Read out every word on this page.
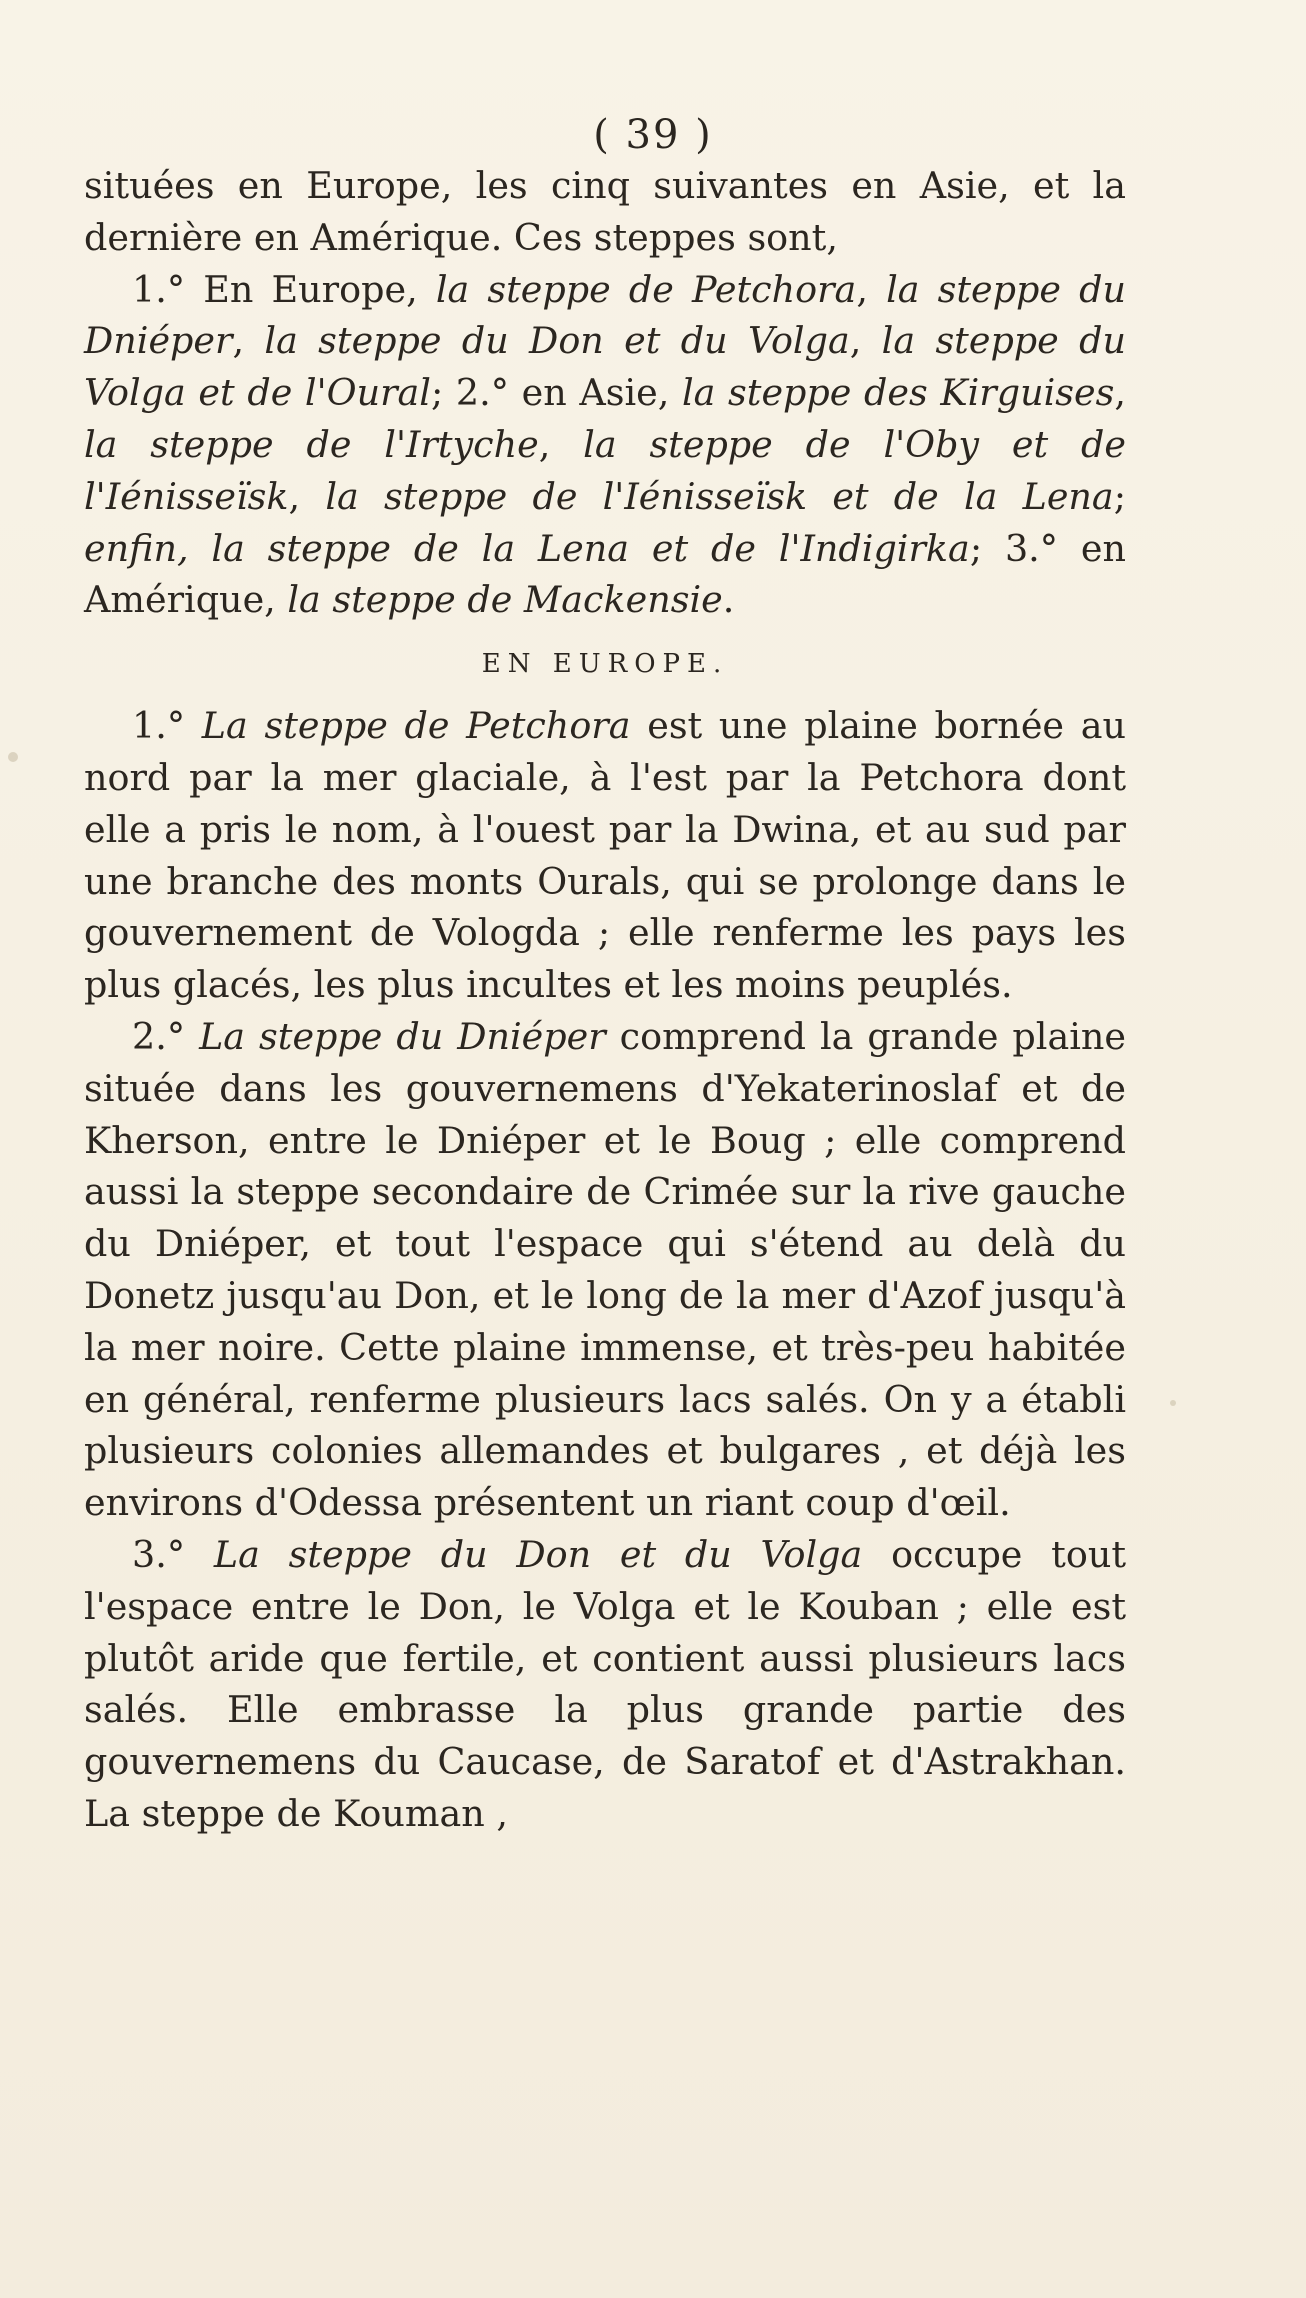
( 39 )

situées en Europe, les cinq suivantes en Asie, et la dernière en Amérique. Ces steppes sont,

1.° En Europe, la steppe de Petchora, la steppe du Dniéper, la steppe du Don et du Volga, la steppe du Volga et de l'Oural; 2.° en Asie, la steppe des Kirguises, la steppe de l'Irtyche, la steppe de l'Oby et de l'Iénisseïsk, la steppe de l'Iénisseïsk et de la Lena; enfin, la steppe de la Lena et de l'Indigirka; 3.° en Amérique, la steppe de Mackensie.

EN EUROPE.

1.° La steppe de Petchora est une plaine bornée au nord par la mer glaciale, à l'est par la Petchora dont elle a pris le nom, à l'ouest par la Dwina, et au sud par une branche des monts Ourals, qui se prolonge dans le gouvernement de Vologda ; elle renferme les pays les plus glacés, les plus incultes et les moins peuplés.

2.° La steppe du Dniéper comprend la grande plaine située dans les gouvernemens d'Yekaterinoslaf et de Kherson, entre le Dniéper et le Boug ; elle comprend aussi la steppe secondaire de Crimée sur la rive gauche du Dniéper, et tout l'espace qui s'étend au delà du Donetz jusqu'au Don, et le long de la mer d'Azof jusqu'à la mer noire. Cette plaine immense, et très-peu habitée en général, renferme plusieurs lacs salés. On y a établi plusieurs colonies allemandes et bulgares , et déjà les environs d'Odessa présentent un riant coup d'œil.

3.° La steppe du Don et du Volga occupe tout l'espace entre le Don, le Volga et le Kouban ; elle est plutôt aride que fertile, et contient aussi plusieurs lacs salés. Elle embrasse la plus grande partie des gouvernemens du Caucase, de Saratof et d'Astrakhan. La steppe de Kouman ,
